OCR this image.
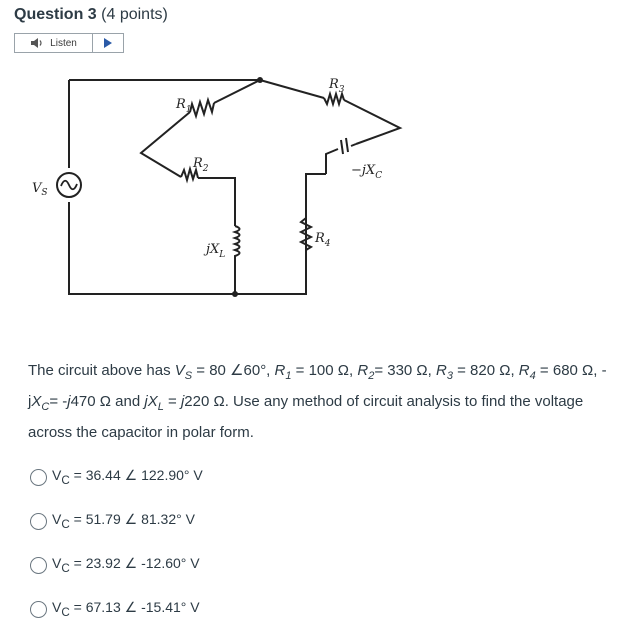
Question 3 (4 points)
Listen
$R_1$
$R_2$
$R_3$
$R_4$
$V_S$
$jX_L$
$-jX_C$
The circuit above has $V_S = 80$ ∠60°, $R_1 = 100$ Ω, $R_2= 330$ Ω, $R_3 = 820$ Ω, $R_4 = 680$ Ω, $-jX_C= -j470$ Ω and $jX_L = j220$ Ω. Use any method of circuit analysis to find the voltage across the capacitor in polar form.
$V_C = 36.44$ ∠ 122.90° V
$V_C = 51.79$ ∠ 81.32° V
$V_C = 23.92$ ∠ -12.60° V
$V_C = 67.13$ ∠ -15.41° V
